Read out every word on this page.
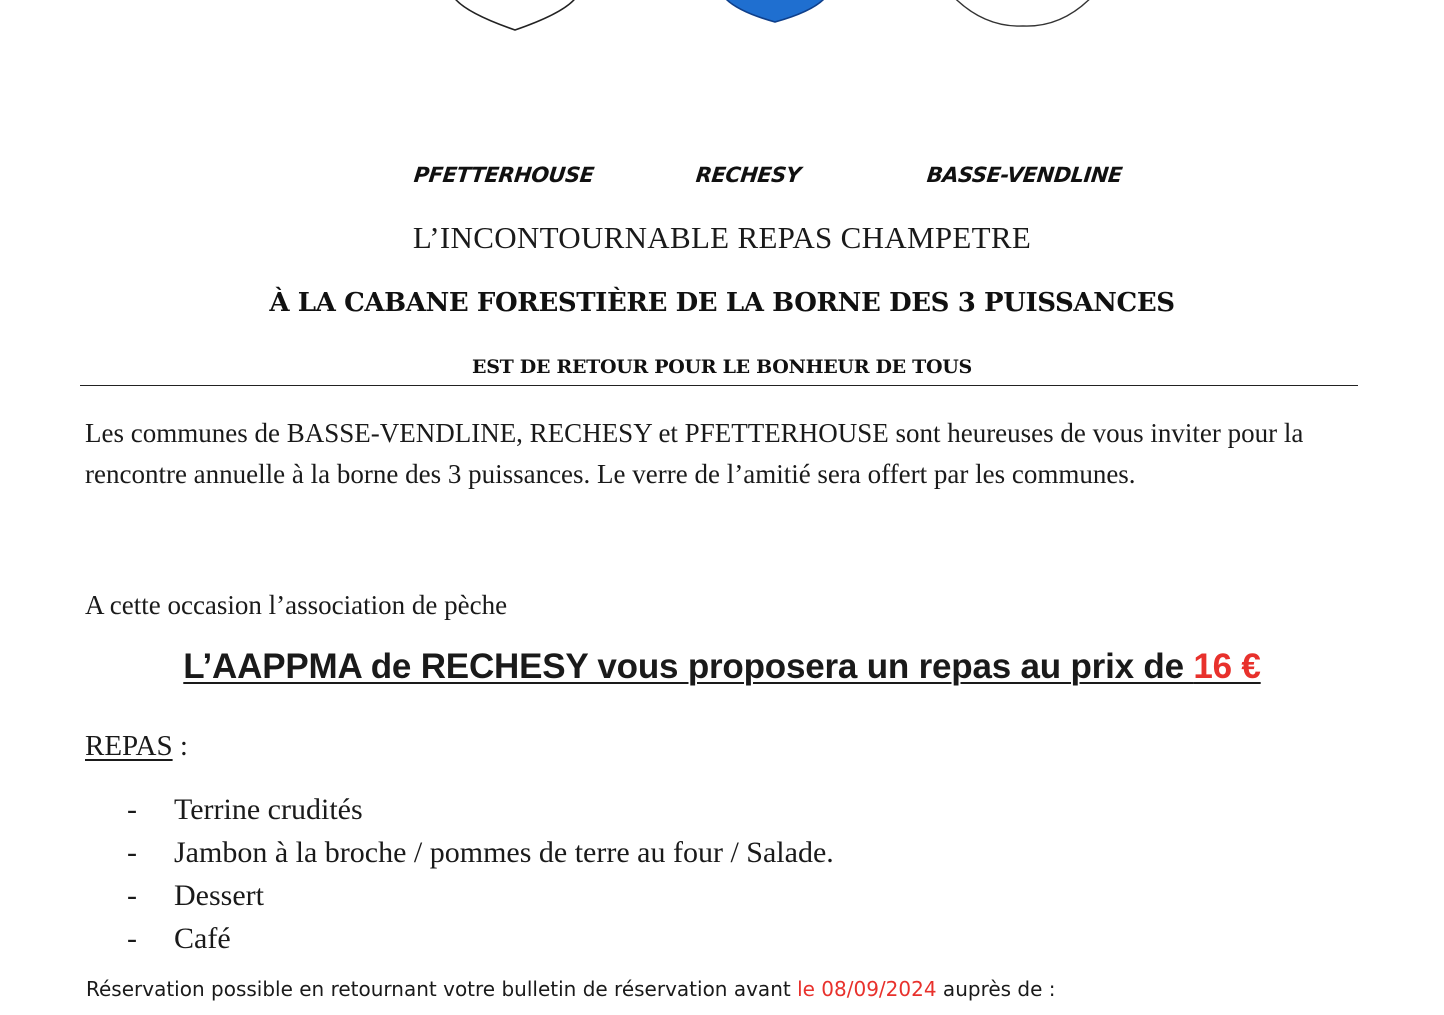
PFETTERHOUSE	RECHESY	BASSE-VENDLINE
L’INCONTOURNABLE REPAS CHAMPETRE
À LA CABANE FORESTIÈRE DE LA BORNE DES 3 PUISSANCES
EST DE RETOUR POUR LE BONHEUR DE TOUS

Les communes de BASSE-VENDLINE, RECHESY et PFETTERHOUSE sont heureuses de vous inviter pour la rencontre annuelle à la borne des 3 puissances. Le verre de l’amitié sera offert par les communes.

A cette occasion l’association de pèche

L’AAPPMA de RECHESY vous proposera un repas au prix de 16 €

REPAS :

- Terrine crudités
- Jambon à la broche / pommes de terre au four / Salade.
- Dessert
- Café
Réservation possible en retournant votre bulletin de réservation avant le 08/09/2024 auprès de :
